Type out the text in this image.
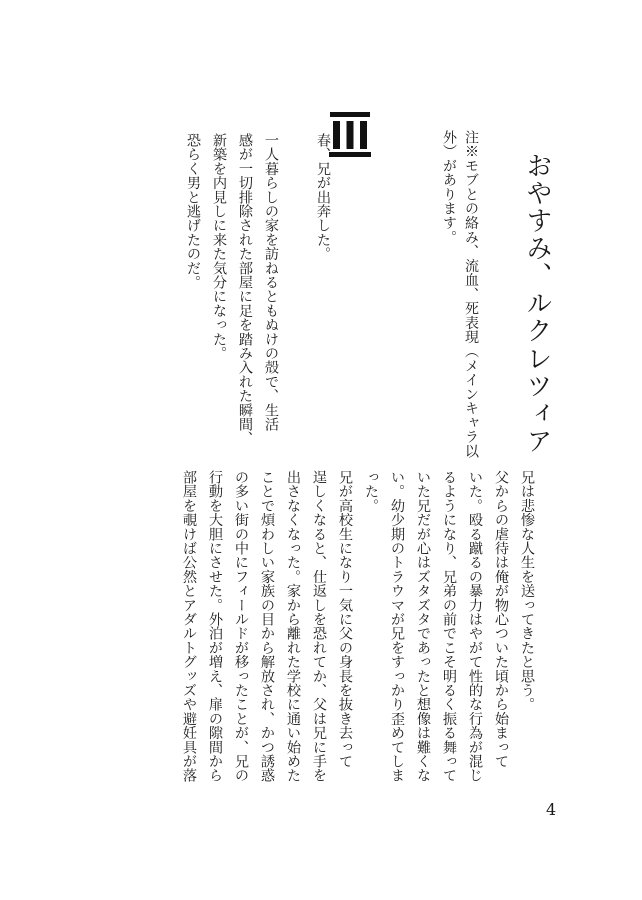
おやすみ、ルクレツィア
注※モブとの絡み、流血、死表現（メインキャラ以
外）があります。
春、兄が出奔した。

一人暮らしの家を訪ねるともぬけの殻で、生活
感が一切排除された部屋に足を踏み入れた瞬間、
新築を内見しに来た気分になった。
恐らく男と逃げたのだ。
兄は悲惨な人生を送ってきたと思う。
父からの虐待は俺が物心ついた頃から始まって
いた。殴る蹴るの暴力はやがて性的な行為が混じ
るようになり、兄弟の前でこそ明るく振る舞って
いた兄だが心はズタズタであったと想像は難くな
い。幼少期のトラウマが兄をすっかり歪めてしま
った。
兄が高校生になり一気に父の身長を抜き去って
逞しくなると、仕返しを恐れてか、父は兄に手を
出さなくなった。家から離れた学校に通い始めた
ことで煩わしい家族の目から解放され、かつ誘惑
の多い街の中にフィールドが移ったことが、兄の
行動を大胆にさせた。外泊が増え、扉の隙間から
部屋を覗けば公然とアダルトグッズや避妊具が落
4
